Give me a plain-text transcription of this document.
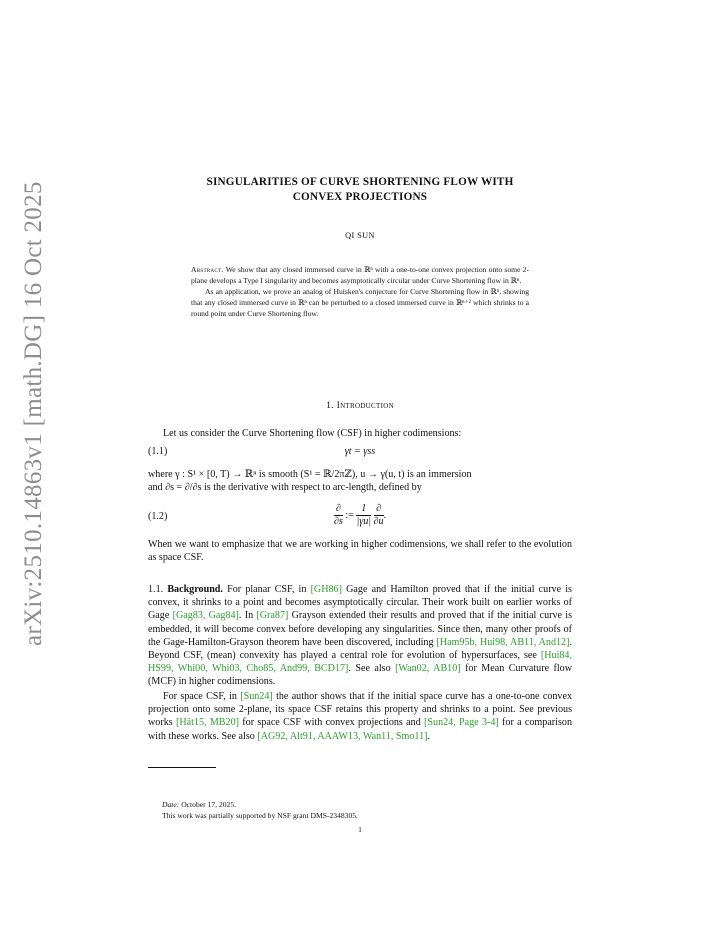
arXiv:2510.14863v1 [math.DG] 16 Oct 2025	SINGULARITIES OF CURVE SHORTENING FLOW WITH
CONVEX PROJECTIONS
QI SUN

Abstract. We show that any closed immersed curve in ℝⁿ with a one-to-one convex projection onto some 2-plane develops a Type I singularity and becomes asymptotically circular under Curve Shortening flow in ℝⁿ.

As an application, we prove an analog of Huisken's conjecture for Curve Shortening flow in ℝⁿ, showing that any closed immersed curve in ℝⁿ can be perturbed to a closed immersed curve in ℝⁿ⁺² which shrinks to a round point under Curve Shortening flow.

1. Introduction

Let us consider the Curve Shortening flow (CSF) in higher codimensions:

(1.1)	γt = γss

where γ : S¹ × [0, T) → ℝⁿ is smooth (S¹ = ℝ/2πℤ), u → γ(u, t) is an immersion

and ∂s = ∂/∂s is the derivative with respect to arc-length, defined by

(1.2)	$\frac{\partial}{\partial s}$ := $\frac{1}{|\gamma u|}$
$\frac{\partial}{\partial u}$ .

When we want to emphasize that we are working in higher codimensions, we shall refer to the evolution as space CSF.

1.1. Background. For planar CSF, in [GH86] Gage and Hamilton proved that if the initial curve is convex, it shrinks to a point and becomes asymptotically circular. Their work built on earlier works of Gage [Gag83, Gag84]. In [Gra87] Grayson extended their results and proved that if the initial curve is embedded, it will become convex before developing any singularities. Since then, many other proofs of the Gage-Hamilton-Grayson theorem have been discovered, including [Ham95b, Hui98, AB11, And12]. Beyond CSF, (mean) convexity has played a central role for evolution of hypersurfaces, see [Hui84, HS99, Whi00, Whi03, Cho85, And99, BCD17]. See also [Wan02, AB10] for Mean Curvature flow (MCF) in higher codimensions.

For space CSF, in [Sun24] the author shows that if the initial space curve has a one-to-one convex projection onto some 2-plane, its space CSF retains this property and shrinks to a point. See previous works [Hät15, MB20] for space CSF with convex projections and [Sun24, Page 3-4] for a comparison with these works. See also [AG92, Alt91, AAAW13, Wan11, Smo11].

Date: October 17, 2025.
This work was partially supported by NSF grant DMS-2348305.
1
